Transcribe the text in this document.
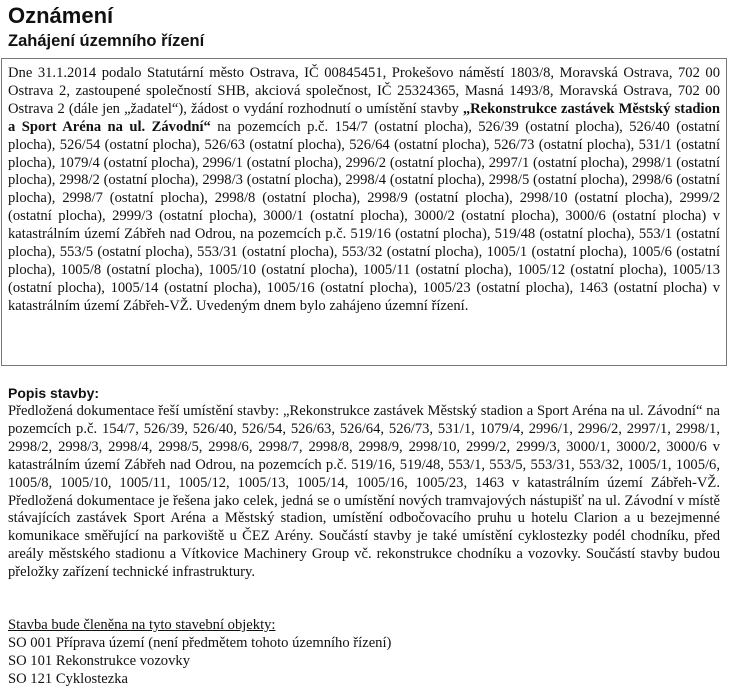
Oznámení
Zahájení územního řízení

Dne 31.1.2014 podalo Statutární město Ostrava, IČ 00845451, Prokešovo náměstí 1803/8, Moravská Ostrava, 702 00 Ostrava 2, zastoupené společností SHB, akciová společnost, IČ 25324365, Masná 1493/8, Moravská Ostrava, 702 00 Ostrava 2 (dále jen „žadatel“), žádost o vydání rozhodnutí o umístění stavby „Rekonstrukce zastávek Městský stadion a Sport Aréna na ul. Závodní“ na pozemcích p.č. 154/7 (ostatní plocha), 526/39 (ostatní plocha), 526/40 (ostatní plocha), 526/54 (ostatní plocha), 526/63 (ostatní plocha), 526/64 (ostatní plocha), 526/73 (ostatní plocha), 531/1 (ostatní plocha), 1079/4 (ostatní plocha), 2996/1 (ostatní plocha), 2996/2 (ostatní plocha), 2997/1 (ostatní plocha), 2998/1 (ostatní plocha), 2998/2 (ostatní plocha), 2998/3 (ostatní plocha), 2998/4 (ostatní plocha), 2998/5 (ostatní plocha), 2998/6 (ostatní plocha), 2998/7 (ostatní plocha), 2998/8 (ostatní plocha), 2998/9 (ostatní plocha), 2998/10 (ostatní plocha), 2999/2 (ostatní plocha), 2999/3 (ostatní plocha), 3000/1 (ostatní plocha), 3000/2 (ostatní plocha), 3000/6 (ostatní plocha) v katastrálním území Zábřeh nad Odrou, na pozemcích p.č. 519/16 (ostatní plocha), 519/48 (ostatní plocha), 553/1 (ostatní plocha), 553/5 (ostatní plocha), 553/31 (ostatní plocha), 553/32 (ostatní plocha), 1005/1 (ostatní plocha), 1005/6 (ostatní plocha), 1005/8 (ostatní plocha), 1005/10 (ostatní plocha), 1005/11 (ostatní plocha), 1005/12 (ostatní plocha), 1005/13 (ostatní plocha), 1005/14 (ostatní plocha), 1005/16 (ostatní plocha), 1005/23 (ostatní plocha), 1463 (ostatní plocha) v katastrálním území Zábřeh-VŽ. Uvedeným dnem bylo zahájeno územní řízení.

Popis stavby:

Předložená dokumentace řeší umístění stavby: „Rekonstrukce zastávek Městský stadion a Sport Aréna na ul. Závodní“ na pozemcích p.č. 154/7, 526/39, 526/40, 526/54, 526/63, 526/64, 526/73, 531/1, 1079/4, 2996/1, 2996/2, 2997/1, 2998/1, 2998/2, 2998/3, 2998/4, 2998/5, 2998/6, 2998/7, 2998/8, 2998/9, 2998/10, 2999/2, 2999/3, 3000/1, 3000/2, 3000/6 v katastrálním území Zábřeh nad Odrou, na pozemcích p.č. 519/16, 519/48, 553/1, 553/5, 553/31, 553/32, 1005/1, 1005/6, 1005/8, 1005/10, 1005/11, 1005/12, 1005/13, 1005/14, 1005/16, 1005/23, 1463 v katastrálním území Zábřeh-VŽ. Předložená dokumentace je řešena jako celek, jedná se o umístění nových tramvajových nástupišť na ul. Závodní v místě stávajících zastávek Sport Aréna a Městský stadion, umístění odbočovacího pruhu u hotelu Clarion a u bezejmenné komunikace směřující na parkoviště u ČEZ Arény. Součástí stavby je také umístění cyklostezky podél chodníku, před areály městského stadionu a Vítkovice Machinery Group vč. rekonstrukce chodníku a vozovky. Součástí stavby budou přeložky zařízení technické infrastruktury.

Stavba bude členěna na tyto stavební objekty:
SO 001 Příprava území (není předmětem tohoto územního řízení)
SO 101 Rekonstrukce vozovky
SO 121 Cyklostezka
